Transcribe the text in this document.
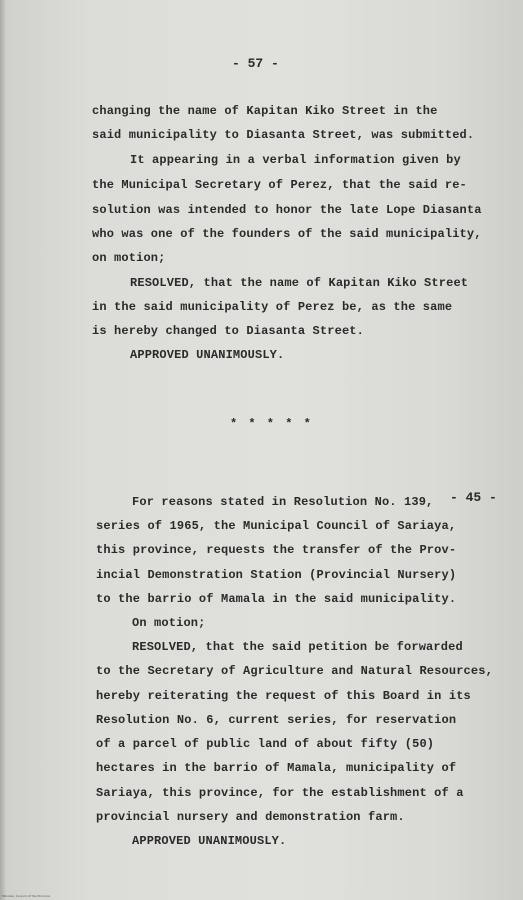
- 57 -
changing the name of Kapitan Kiko Street in the
said municipality to Diasanta Street, was submitted.
It appearing in a verbal information given by
the Municipal Secretary of Perez, that the said re-
solution was intended to honor the late Lope Diasanta
who was one of the founders of the said municipality,
on motion;
RESOLVED, that the name of Kapitan Kiko Street
in the said municipality of Perez be, as the same
is hereby changed to Diasanta Street.
APPROVED UNANIMOUSLY.
* * * * *
For reasons stated in Resolution No. 139, - 45 -
series of 1965, the Municipal Council of Sariaya,
this province, requests the transfer of the Prov-
incial Demonstration Station (Provincial Nursery)
to the barrio of Mamala in the said municipality.
On motion;
RESOLVED, that the said petition be forwarded
to the Secretary of Agriculture and Natural Resources,
hereby reiterating the request of this Board in its
Resolution No. 6, current series, for reservation
of a parcel of public land of about fifty (50)
hectares in the barrio of Mamala, municipality of
Sariaya, this province, for the establishment of a
provincial nursery and demonstration farm.
APPROVED UNANIMOUSLY.
Minutes, Council of the Province
